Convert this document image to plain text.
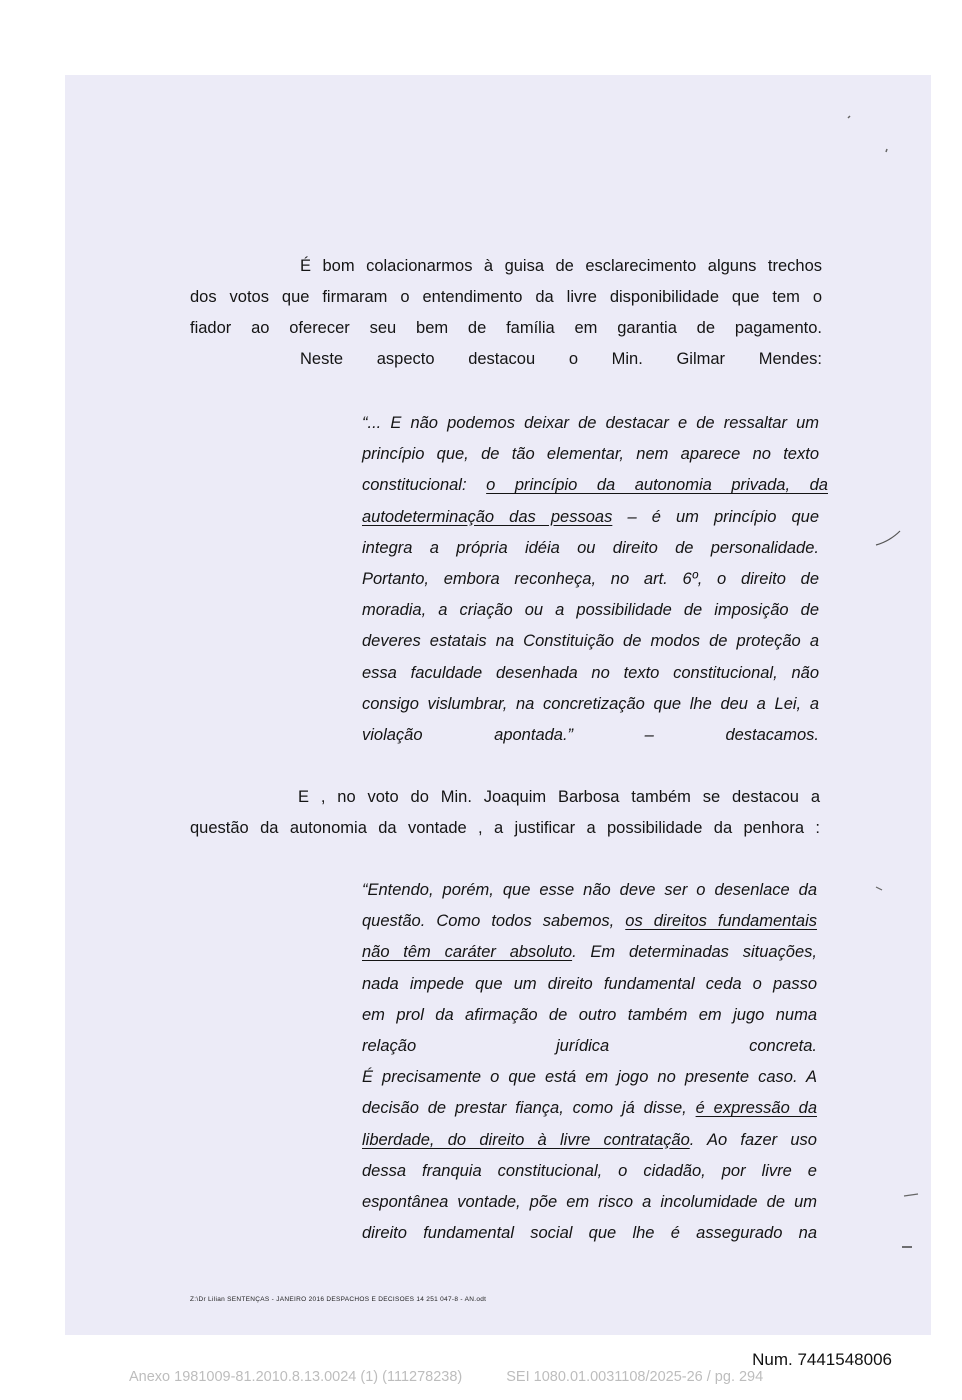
É bom colacionarmos à guisa de esclarecimento alguns trechos
dos votos que firmaram o entendimento da livre disponibilidade que tem o
fiador ao oferecer seu bem de família em garantia de pagamento.
Neste aspecto destacou o Min. Gilmar Mendes:
“... E não podemos deixar de destacar e de ressaltar um
princípio que, de tão elementar, nem aparece no texto
constitucional: o princípio da autonomia privada, da
autodeterminação das pessoas – é um princípio que
integra a própria idéia ou direito de personalidade.
Portanto, embora reconheça, no art. 6º, o direito de
moradia, a criação ou a possibilidade de imposição de
deveres estatais na Constituição de modos de proteção a
essa faculdade desenhada no texto constitucional, não
consigo vislumbrar, na concretização que lhe deu a Lei, a
violação apontada.” – destacamos.
E , no voto do Min. Joaquim Barbosa também se destacou a
questão da autonomia da vontade , a justificar a possibilidade da penhora :
“Entendo, porém, que esse não deve ser o desenlace da
questão. Como todos sabemos, os direitos fundamentais
não têm caráter absoluto. Em determinadas situações,
nada impede que um direito fundamental ceda o passo
em prol da afirmação de outro também em jugo numa
relação jurídica concreta.
É precisamente o que está em jogo no presente caso. A
decisão de prestar fiança, como já disse, é expressão da
liberdade, do direito à livre contratação. Ao fazer uso
dessa franquia constitucional, o cidadão, por livre e
espontânea vontade, põe em risco a incolumidade de um
direito fundamental social que lhe é assegurado na
Z:\Dr Lilian SENTENÇAS - JANEIRO 2016 DESPACHOS E DECISOES 14 251 047-8 - AN.odt
Num. 7441548006
Anexo 1981009-81.2010.8.13.0024 (1) (111278238)	SEI 1080.01.0031108/2025-26 / pg. 294
